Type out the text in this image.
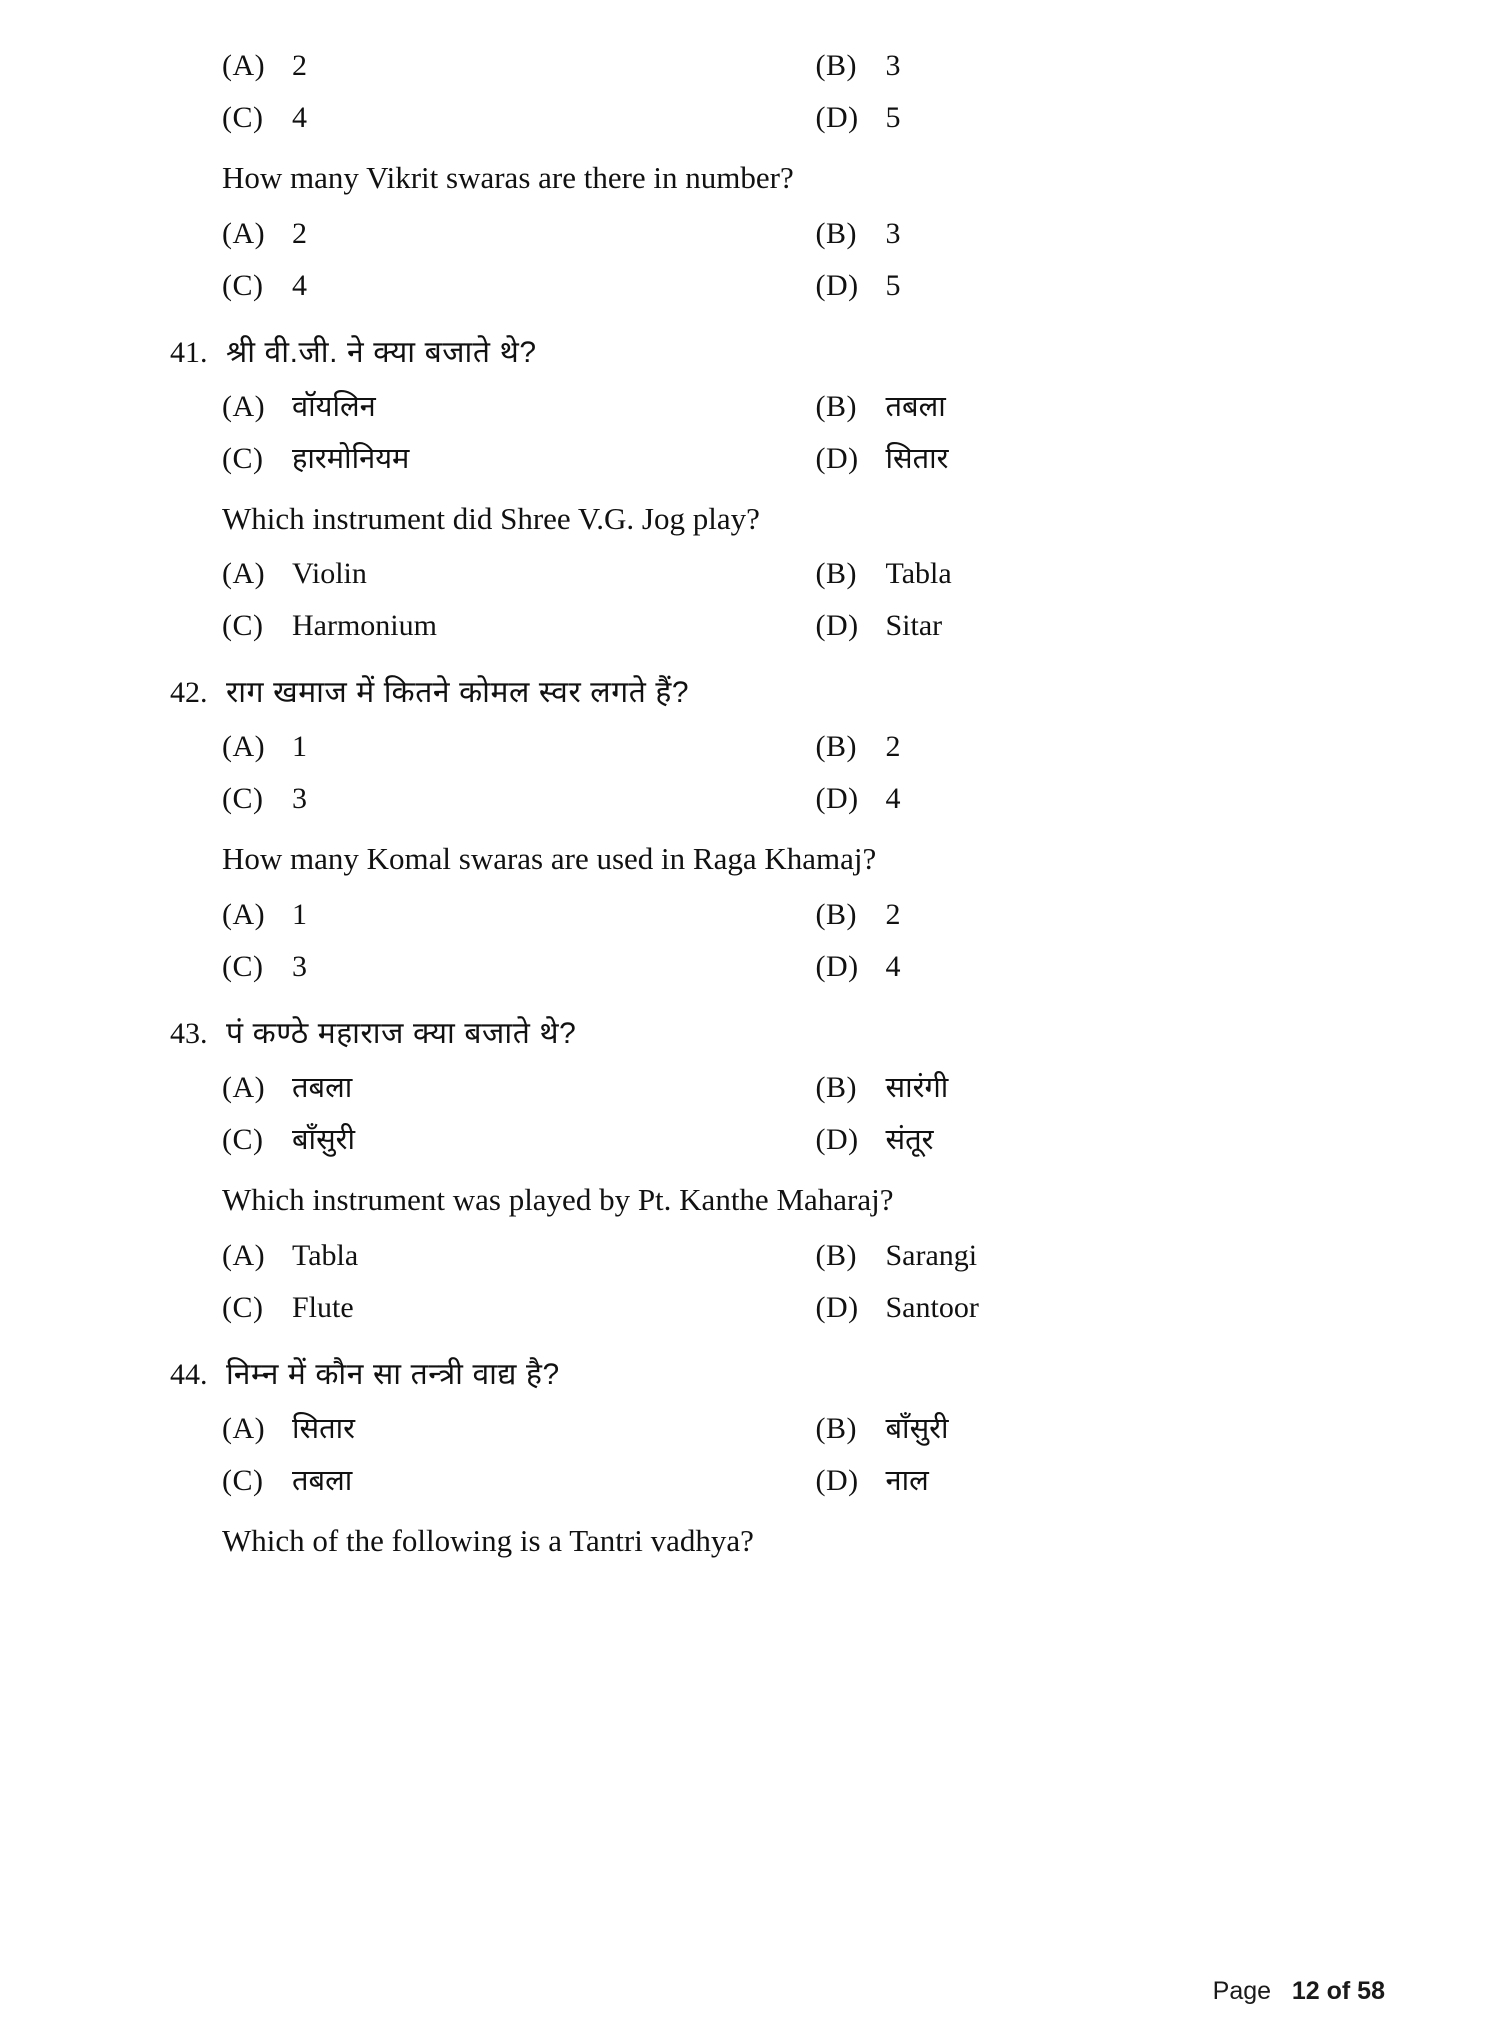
(A) 2	(B) 3
(C) 4	(D) 5
How many Vikrit swaras are there in number?
(A) 2	(B) 3
(C) 4	(D) 5
41. श्री वी.जी. ने क्या बजाते थे?
(A) वॉयलिन	(B) तबला
(C) हारमोनियम	(D) सितार
Which instrument did Shree V.G. Jog play?
(A) Violin	(B) Tabla
(C) Harmonium	(D) Sitar
42. राग खमाज में कितने कोमल स्वर लगते हैं?
(A) 1	(B) 2
(C) 3	(D) 4
How many Komal swaras are used in Raga Khamaj?
(A) 1	(B) 2
(C) 3	(D) 4
43. पं कण्ठे महाराज क्या बजाते थे?
(A) तबला	(B) सारंगी
(C) बाँसुरी	(D) संतूर
Which instrument was played by Pt. Kanthe Maharaj?
(A) Tabla	(B) Sarangi
(C) Flute	(D) Santoor
44. निम्न में कौन सा तन्त्री वाद्य है?
(A) सितार	(B) बाँसुरी
(C) तबला	(D) नाल
Which of the following is a Tantri vadhya?
Page 12 of 58
